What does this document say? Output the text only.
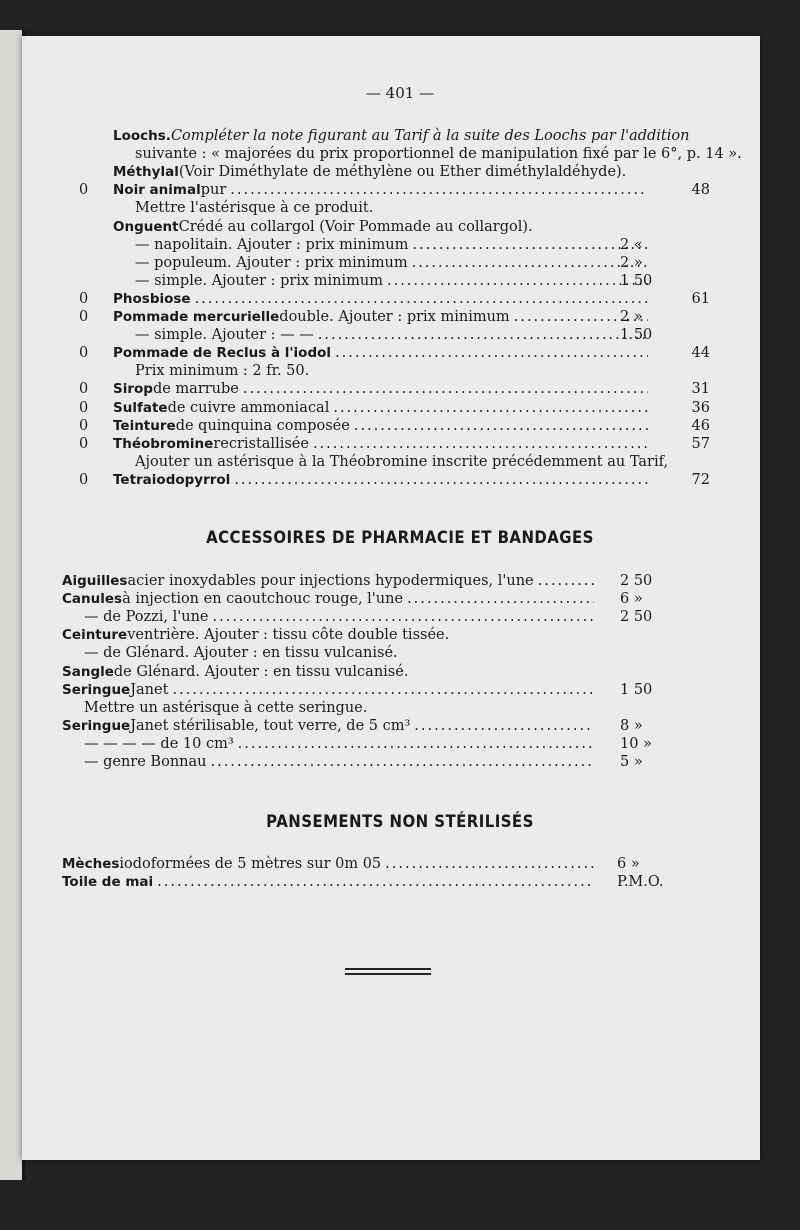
— 401 —
Loochs. Compléter la note figurant au Tarif à la suite des Loochs par l'addition
suivante : « majorées du prix proportionnel de manipulation fixé par le 6°, p. 14 ».
Méthylal (Voir Diméthylate de méthylène ou Ether diméthylaldéhyde).
0 Noir animal pur .....	48
Mettre l'astérisque à ce produit.
Onguent Crédé au collargol (Voir Pommade au collargol).
— napolitain. Ajouter : prix minimum .....	2 «
— populeum. Ajouter : prix minimum .....	2 »
— simple. Ajouter : prix minimum .....	1 50
0 Phosbiose .....	61
0 Pommade mercurielle double. Ajouter : prix minimum .....	2 »
— simple. Ajouter : — — .....	1 50
0 Pommade de Reclus à l'iodol .....	44
Prix minimum : 2 fr. 50.
0 Sirop de marrube .....	31
0 Sulfate de cuivre ammoniacal .....	36
0 Teinture de quinquina composée .....	46
0 Théobromine recristallisée .....	57
Ajouter un astérisque à la Théobromine inscrite précédemment au Tarif,
0 Tetraiodopyrrol .....	72
ACCESSOIRES DE PHARMACIE ET BANDAGES
Aiguilles acier inoxydables pour injections hypodermiques, l'une .....	2 50
Canules à injection en caoutchouc rouge, l'une .....	6 »
— de Pozzi, l'une .....	2 50
Ceinture ventrière. Ajouter : tissu côte double tissée.
— de Glénard. Ajouter : en tissu vulcanisé.
Sangle de Glénard. Ajouter : en tissu vulcanisé.
Seringue Janet .....	1 50
Mettre un astérisque à cette seringue.
Seringue Janet stérilisable, tout verre, de 5 cm³ .....	8 »
— — — — de 10 cm³ .....	10 »
— genre Bonnau .....	5 »
PANSEMENTS NON STÉRILISÉS
Mèches iodoformées de 5 mètres sur 0m 05 .....	6 »
Toile de mai .....	P.M.O.
